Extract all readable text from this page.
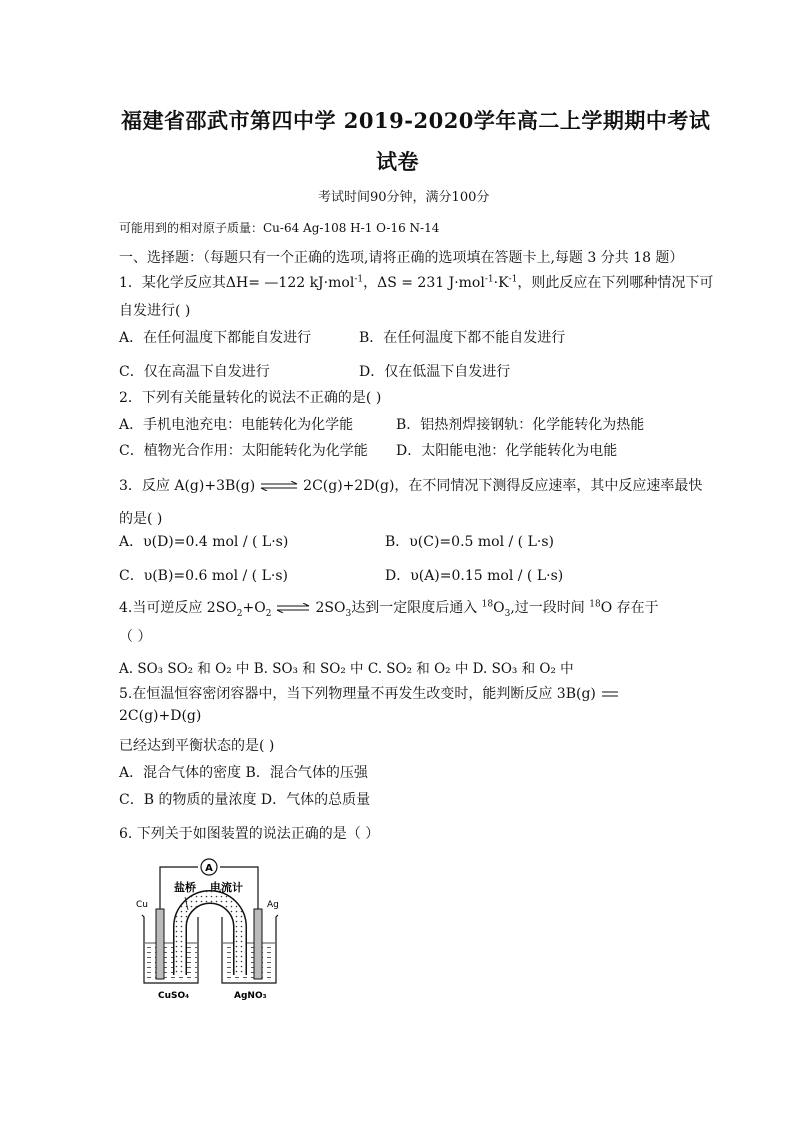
福建省邵武市第四中学 2019-2020学年高二上学期期中考试
试卷
考试时间90分钟，满分100分
可能用到的相对原子质量：Cu-64 Ag-108 H-1 O-16 N-14
一、选择题：（每题只有一个正确的选项,请将正确的选项填在答题卡上,每题 3 分共 18 题）
1．某化学反应其ΔH= —122 kJ·mol$^{-1}$，ΔS = 231 $J\cdot mol^{-1}\cdot K^{-1}$，则此反应在下列哪种情况下可
自发进行( )
A．在任何温度下都能自发进行	B．在任何温度下都不能自发进行
C．仅在高温下自发进行	D．仅在低温下自发进行
2．下列有关能量转化的说法不正确的是( )
A．手机电池充电：电能转化为化学能	B．铝热剂焊接钢轨：化学能转化为热能
C．植物光合作用：太阳能转化为化学能 D．太阳能电池：化学能转化为电能
3．反应 A(g)+3B(g) ⇌ 2C(g)+2D(g)，在不同情况下测得反应速率，其中反应速率最快
的是( )
A．υ(D)=0.4 mol / ( L·s)	B．υ(C)=0.5 mol / ( L·s)
C．υ(B)=0.6 mol / ( L·s)	D．υ(A)=0.15 mol / ( L·s)
4.当可逆反应 $2SO_2+O_2$ ⇌ $2SO_3$达到一定限度后通入 $^{18}O_3$,过一段时间 $^{18}$O 存在于
（ ）
A. SO₃ SO₂ 和 O₂ 中 B. SO₃ 和 SO₂ 中 C. SO₂ 和 O₂ 中 D. SO₃ 和 O₂ 中
5.在恒温恒容密闭容器中，当下列物理量不再发生改变时，能判断反应 3B(g)
2C(g)+D(g)
已经达到平衡状态的是( )
A．混合气体的密度 B．混合气体的压强
C．B 的物质的量浓度 D．气体的总质量
6. 下列关于如图装置的说法正确的是（ ）
A
盐桥 电流计
Cu	Ag
CuSO₄	AgNO₃
